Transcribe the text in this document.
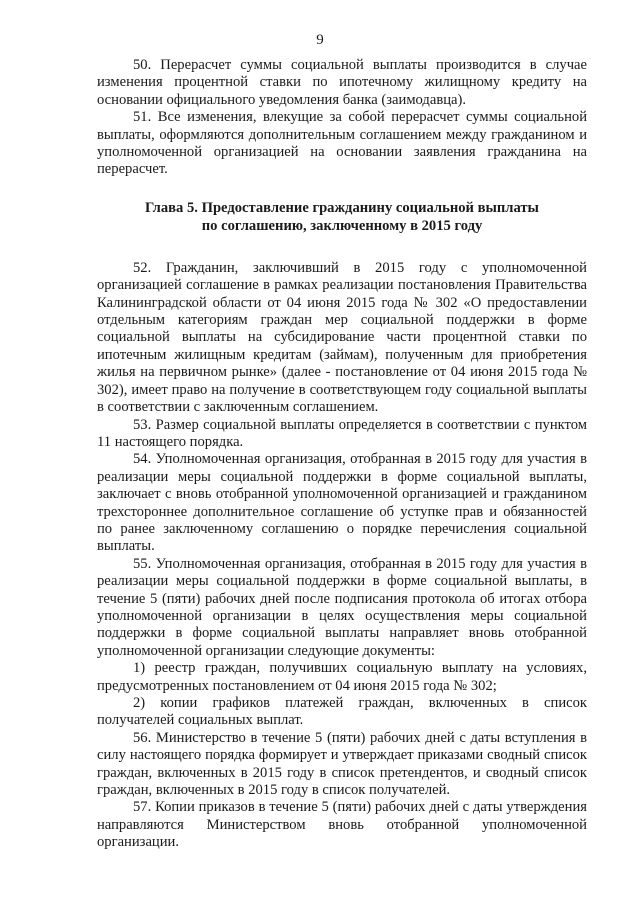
9

50. Перерасчет суммы социальной выплаты производится в случае изменения процентной ставки по ипотечному жилищному кредиту на основании официального уведомления банка (заимодавца).

51. Все изменения, влекущие за собой перерасчет суммы социальной выплаты, оформляются дополнительным соглашением между гражданином и уполномоченной организацией на основании заявления гражданина на перерасчет.

Глава 5. Предоставление гражданину социальной выплаты
по соглашению, заключенному в 2015 году

52. Гражданин, заключивший в 2015 году с уполномоченной организацией соглашение в рамках реализации постановления Правительства Калининградской области от 04 июня 2015 года № 302 «О предоставлении отдельным категориям граждан мер социальной поддержки в форме социальной выплаты на субсидирование части процентной ставки по ипотечным жилищным кредитам (займам), полученным для приобретения жилья на первичном рынке» (далее - постановление от 04 июня 2015 года № 302), имеет право на получение в соответствующем году социальной выплаты в соответствии с заключенным соглашением.

53. Размер социальной выплаты определяется в соответствии с пунктом 11 настоящего порядка.

54. Уполномоченная организация, отобранная в 2015 году для участия в реализации меры социальной поддержки в форме социальной выплаты, заключает с вновь отобранной уполномоченной организацией и гражданином трехстороннее дополнительное соглашение об уступке прав и обязанностей по ранее заключенному соглашению о порядке перечисления социальной выплаты.

55. Уполномоченная организация, отобранная в 2015 году для участия в реализации меры социальной поддержки в форме социальной выплаты, в течение 5 (пяти) рабочих дней после подписания протокола об итогах отбора уполномоченной организации в целях осуществления меры социальной поддержки в форме социальной выплаты направляет вновь отобранной уполномоченной организации следующие документы:

1) реестр граждан, получивших социальную выплату на условиях, предусмотренных постановлением от 04 июня 2015 года № 302;

2) копии графиков платежей граждан, включенных в список получателей социальных выплат.

56. Министерство в течение 5 (пяти) рабочих дней с даты вступления в силу настоящего порядка формирует и утверждает приказами сводный список граждан, включенных в 2015 году в список претендентов, и сводный список граждан, включенных в 2015 году в список получателей.

57. Копии приказов в течение 5 (пяти) рабочих дней с даты утверждения направляются Министерством вновь отобранной уполномоченной организации.
